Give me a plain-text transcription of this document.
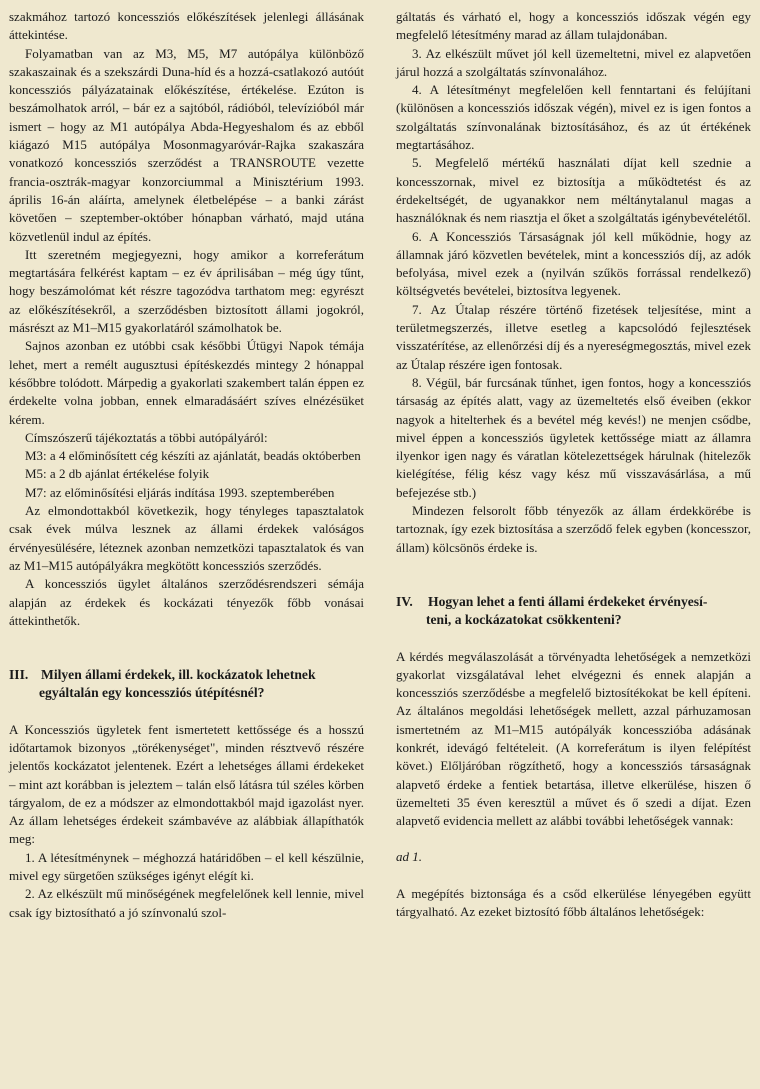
szakmához tartozó koncessziós előkészítések jelenlegi állásának áttekintése.

Folyamatban van az M3, M5, M7 autópálya különböző szakaszainak és a szekszárdi Duna-híd és a hozzá-csatlakozó autóút koncessziós pályázatainak előkészítése, értékelése. Ezúton is beszámolhatok arról, – bár ez a sajtóból, rádióból, televízióból már ismert – hogy az M1 autópálya Abda-Hegyeshalom és az ebből kiágazó M15 autópálya Mosonmagyaróvár-Rajka szakaszára vonatkozó koncessziós szerződést a TRANSROUTE vezette francia-osztrák-magyar konzorciummal a Minisztérium 1993. április 16-án aláírta, amelynek életbelépése – a banki zárást követően – szeptember-október hónapban várható, majd utána közvetlenül indul az építés.

Itt szeretném megjegyezni, hogy amikor a korreferátum megtartására felkérést kaptam – ez év áprilisában – még úgy tűnt, hogy beszámolómat két részre tagozódva tarthatom meg: egyrészt az előkészítésekről, a szerződésben biztosított állami jogokról, másrészt az M1–M15 gyakorlatáról számolhatok be.

Sajnos azonban ez utóbbi csak későbbi Útügyi Napok témája lehet, mert a remélt augusztusi építéskezdés mintegy 2 hónappal későbbre tolódott. Márpedig a gyakorlati szakembert talán éppen ez érdekelte volna jobban, ennek elmaradásáért szíves elnézésüket kérem.

Címszószerű tájékoztatás a többi autópályáról:

M3: a 4 előminősített cég készíti az ajánlatát, beadás októberben

M5: a 2 db ajánlat értékelése folyik

M7: az előminősítési eljárás indítása 1993. szeptemberében

Az elmondottakból következik, hogy tényleges tapasztalatok csak évek múlva lesznek az állami érdekek valóságos érvényesülésére, léteznek azonban nemzetközi tapasztalatok és van az M1–M15 autópályákra megkötött koncessziós szerződés.

A koncessziós ügylet általános szerződésrendszeri sémája alapján az érdekek és kockázati tényezők főbb vonásai áttekinthetők.

III. Milyen állami érdekek, ill. kockázatok lehetnek
egyáltalán egy koncessziós útépítésnél?

A Koncessziós ügyletek fent ismertetett kettőssége és a hosszú időtartamok bizonyos „törékenységet", minden résztvevő részére jelentős kockázatot jelentenek. Ezért a lehetséges állami érdekeket – mint azt korábban is jeleztem – talán első látásra túl széles körben tárgyalom, de ez a módszer az elmondottakból majd igazolást nyer. Az állam lehetséges érdekeit számbavéve az alábbiak állapíthatók meg:

1. A létesítménynek – méghozzá határidőben – el kell készülnie, mivel egy sürgetően szükséges igényt elégít ki.

2. Az elkészült mű minőségének megfelelőnek kell lennie, mivel csak így biztosítható a jó színvonalú szol-

gáltatás és várható el, hogy a koncessziós időszak végén egy megfelelő létesítmény marad az állam tulajdonában.

3. Az elkészült művet jól kell üzemeltetni, mivel ez alapvetően járul hozzá a szolgáltatás színvonalához.

4. A létesítményt megfelelően kell fenntartani és felújítani (különösen a koncessziós időszak végén), mivel ez is igen fontos a szolgáltatás színvonalának biztosításához, és az út értékének megtartásához.

5. Megfelelő mértékű használati díjat kell szednie a koncesszornak, mivel ez biztosítja a működtetést és az érdekeltségét, de ugyanakkor nem méltánytalanul magas a használóknak és nem riasztja el őket a szolgáltatás igénybevételétől.

6. A Koncessziós Társaságnak jól kell működnie, hogy az államnak járó közvetlen bevételek, mint a koncessziós díj, az adók befolyása, mivel ezek a (nyilván szűkös forrással rendelkező) költségvetés bevételei, biztosítva legyenek.

7. Az Útalap részére történő fizetések teljesítése, mint a területmegszerzés, illetve esetleg a kapcsolódó fejlesztések visszatérítése, az ellenőrzési díj és a nyereségmegosztás, mivel ezek az Útalap részére igen fontosak.

8. Végül, bár furcsának tűnhet, igen fontos, hogy a koncessziós társaság az építés alatt, vagy az üzemeltetés első éveiben (ekkor nagyok a hitelterhek és a bevétel még kevés!) ne menjen csődbe, mivel éppen a koncessziós ügyletek kettőssége miatt az államra ilyenkor igen nagy és váratlan kötelezettségek hárulnak (hitelezők kielégítése, félig kész vagy kész mű visszavásárlása, a mű befejezése stb.)

Mindezen felsorolt főbb tényezők az állam érdekkörébe is tartoznak, így ezek biztosítása a szerződő felek egyben (koncesszor, állam) kölcsönös érdeke is.

IV. Hogyan lehet a fenti állami érdekeket érvényesí-
teni, a kockázatokat csökkenteni?

A kérdés megválaszolását a törvényadta lehetőségek a nemzetközi gyakorlat vizsgálatával lehet elvégezni és ennek alapján a koncessziós szerződésbe a megfelelő biztosítékokat be kell építeni. Az általános megoldási lehetőségek mellett, azzal párhuzamosan ismertetném az M1–M15 autópályák koncesszióba adásának konkrét, idevágó feltételeit. (A korreferátum is ilyen felépítést követ.) Előljáróban rögzíthető, hogy a koncessziós társaságnak alapvető érdeke a fentiek betartása, illetve elkerülése, hiszen ő üzemelteti 35 éven keresztül a művet és ő szedi a díjat. Ezen alapvető evidencia mellett az alábbi további lehetőségek vannak:

ad 1.

A megépítés biztonsága és a csőd elkerülése lényegében együtt tárgyalható. Az ezeket biztosító főbb általános lehetőségek:
